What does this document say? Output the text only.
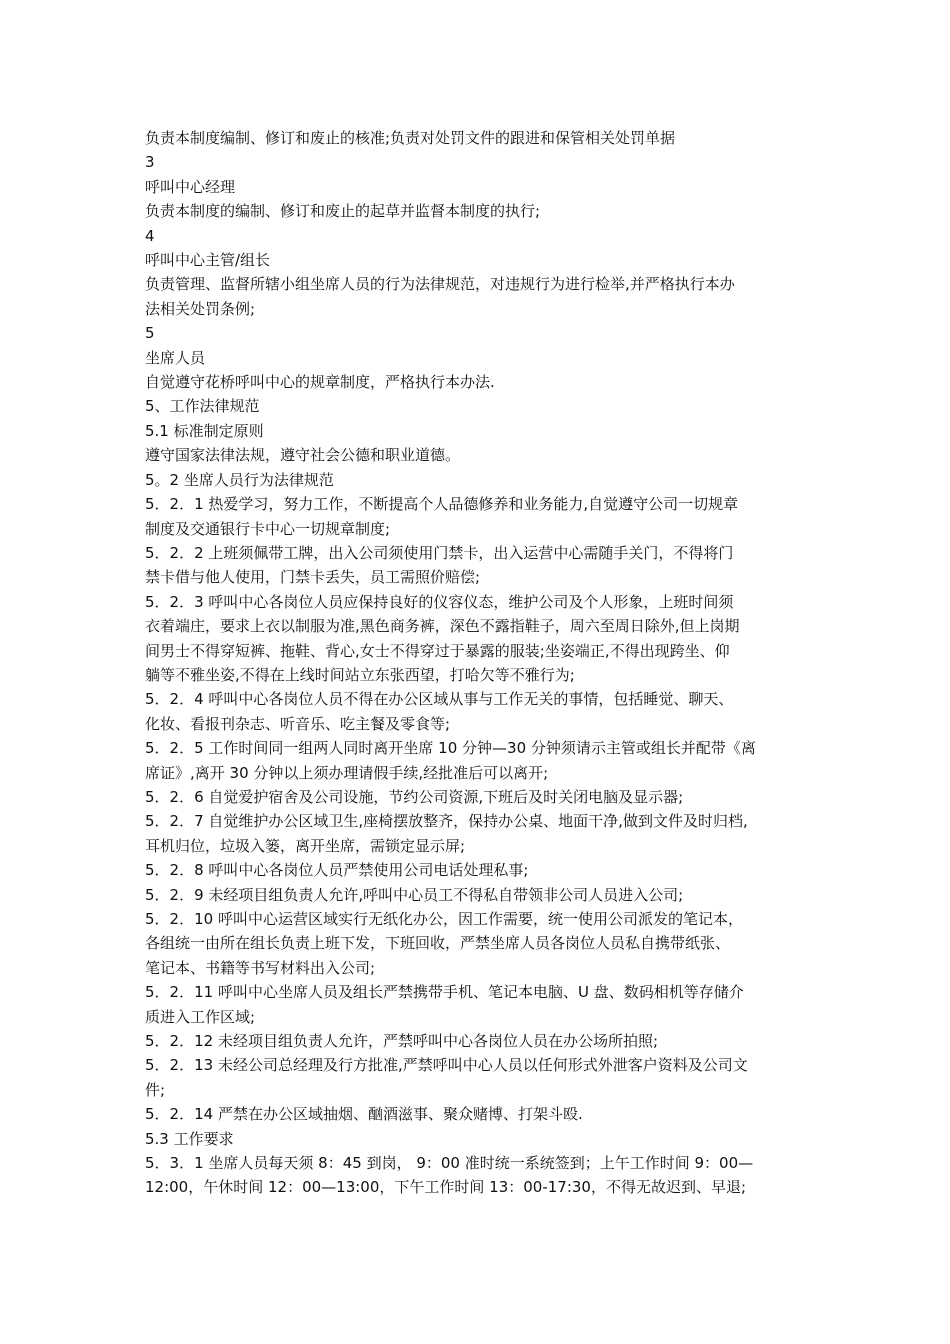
负责本制度编制、修订和废止的核准;负责对处罚文件的跟进和保管相关处罚单据

3

呼叫中心经理

负责本制度的编制、修订和废止的起草并监督本制度的执行;

4

呼叫中心主管/组长

负责管理、监督所辖小组坐席人员的行为法律规范，对违规行为进行检举,并严格执行本办

法相关处罚条例;

5

坐席人员

自觉遵守花桥呼叫中心的规章制度，严格执行本办法.

5、工作法律规范

5.1 标准制定原则

遵守国家法律法规，遵守社会公德和职业道德。

5。2 坐席人员行为法律规范

5．2．1 热爱学习，努力工作，不断提高个人品德修养和业务能力,自觉遵守公司一切规章

制度及交通银行卡中心一切规章制度;

5．2．2 上班须佩带工牌，出入公司须使用门禁卡，出入运营中心需随手关门，不得将门

禁卡借与他人使用，门禁卡丢失，员工需照价赔偿;

5．2．3 呼叫中心各岗位人员应保持良好的仪容仪态，维护公司及个人形象，上班时间须

衣着端庄，要求上衣以制服为准,黑色商务裤，深色不露指鞋子，周六至周日除外,但上岗期

间男士不得穿短裤、拖鞋、背心,女士不得穿过于暴露的服装;坐姿端正,不得出现跨坐、仰

躺等不雅坐姿,不得在上线时间站立东张西望，打哈欠等不雅行为;

5．2．4 呼叫中心各岗位人员不得在办公区域从事与工作无关的事情，包括睡觉、聊天、

化妆、看报刊杂志、听音乐、吃主餐及零食等;

5．2．5 工作时间同一组两人同时离开坐席 10 分钟—30 分钟须请示主管或组长并配带《离

席证》,离开 30 分钟以上须办理请假手续,经批准后可以离开;

5．2．6 自觉爱护宿舍及公司设施，节约公司资源,下班后及时关闭电脑及显示器;

5．2．7 自觉维护办公区域卫生,座椅摆放整齐，保持办公桌、地面干净,做到文件及时归档,

耳机归位，垃圾入篓，离开坐席，需锁定显示屏;

5．2．8 呼叫中心各岗位人员严禁使用公司电话处理私事;

5．2．9 未经项目组负责人允许,呼叫中心员工不得私自带领非公司人员进入公司;

5．2．10 呼叫中心运营区域实行无纸化办公，因工作需要，统一使用公司派发的笔记本，

各组统一由所在组长负责上班下发，下班回收，严禁坐席人员各岗位人员私自携带纸张、

笔记本、书籍等书写材料出入公司;

5．2．11 呼叫中心坐席人员及组长严禁携带手机、笔记本电脑、U 盘、数码相机等存储介

质进入工作区域;

5．2．12 未经项目组负责人允许，严禁呼叫中心各岗位人员在办公场所拍照;

5．2．13 未经公司总经理及行方批准,严禁呼叫中心人员以任何形式外泄客户资料及公司文

件;

5．2．14 严禁在办公区域抽烟、酗酒滋事、聚众赌博、打架斗殴.

5.3 工作要求

5．3．1 坐席人员每天须 8：45 到岗， 9：00 准时统一系统签到；上午工作时间 9：00—

12:00，午休时间 12：00—13:00，下午工作时间 13：00-17:30，不得无故迟到、早退;
